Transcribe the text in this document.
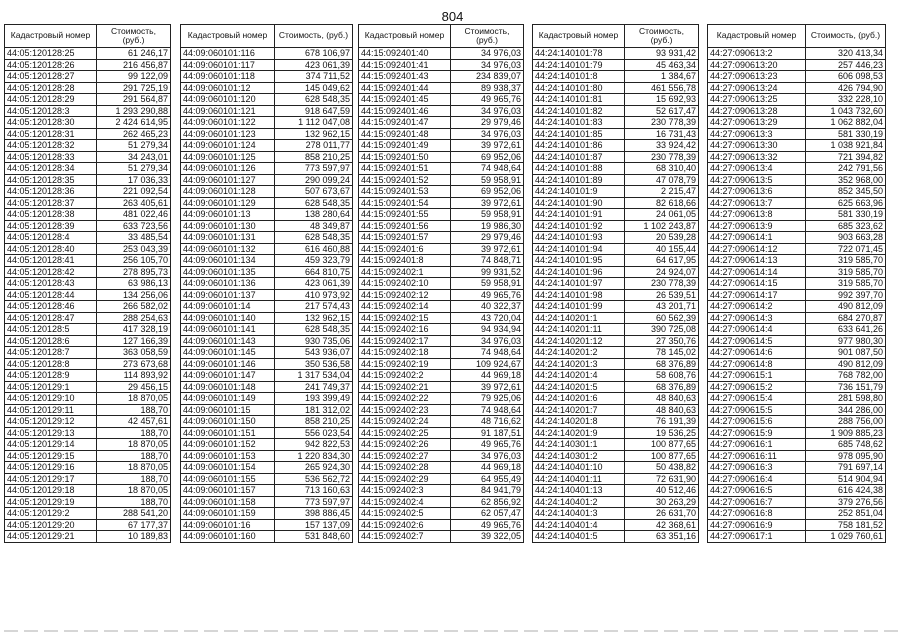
804
Кадастровый номер	Стоимость, (руб.)
44:05:120128:25	61 246,17
44:05:120128:26	216 456,87
44:05:120128:27	99 122,09
44:05:120128:28	291 725,19
44:05:120128:29	291 564,87
44:05:120128:3	1 293 290,88
44:05:120128:30	2 424 614,95
44:05:120128:31	262 465,23
44:05:120128:32	51 279,34
44:05:120128:33	34 243,01
44:05:120128:34	51 279,34
44:05:120128:35	17 036,33
44:05:120128:36	221 092,54
44:05:120128:37	263 405,61
44:05:120128:38	481 022,46
44:05:120128:39	633 723,56
44:05:120128:4	33 485,54
44:05:120128:40	253 043,39
44:05:120128:41	256 105,70
44:05:120128:42	278 895,73
44:05:120128:43	63 986,13
44:05:120128:44	134 256,06
44:05:120128:46	266 582,02
44:05:120128:47	288 254,63
44:05:120128:5	417 328,19
44:05:120128:6	127 166,39
44:05:120128:7	363 058,59
44:05:120128:8	273 673,68
44:05:120128:9	114 893,92
44:05:120129:1	29 456,15
44:05:120129:10	18 870,05
44:05:120129:11	188,70
44:05:120129:12	42 457,61
44:05:120129:13	188,70
44:05:120129:14	18 870,05
44:05:120129:15	188,70
44:05:120129:16	18 870,05
44:05:120129:17	188,70
44:05:120129:18	18 870,05
44:05:120129:19	188,70
44:05:120129:2	288 541,20
44:05:120129:20	67 177,37
44:05:120129:21	10 189,83
Кадастровый номер	Стоимость, (руб.)
44:09:060101:116	678 106,97
44:09:060101:117	423 061,39
44:09:060101:118	374 711,52
44:09:060101:12	145 049,62
44:09:060101:120	628 548,35
44:09:060101:121	918 647,59
44:09:060101:122	1 112 047,08
44:09:060101:123	132 962,15
44:09:060101:124	278 011,77
44:09:060101:125	858 210,25
44:09:060101:126	773 597,97
44:09:060101:127	290 099,24
44:09:060101:128	507 673,67
44:09:060101:129	628 548,35
44:09:060101:13	138 280,64
44:09:060101:130	48 349,87
44:09:060101:131	628 548,35
44:09:060101:132	616 460,88
44:09:060101:134	459 323,79
44:09:060101:135	664 810,75
44:09:060101:136	423 061,39
44:09:060101:137	410 973,92
44:09:060101:14	217 574,43
44:09:060101:140	132 962,15
44:09:060101:141	628 548,35
44:09:060101:143	930 735,06
44:09:060101:145	543 936,07
44:09:060101:146	350 536,58
44:09:060101:147	1 317 534,04
44:09:060101:148	241 749,37
44:09:060101:149	193 399,49
44:09:060101:15	181 312,02
44:09:060101:150	858 210,25
44:09:060101:151	556 023,54
44:09:060101:152	942 822,53
44:09:060101:153	1 220 834,30
44:09:060101:154	265 924,30
44:09:060101:155	536 562,72
44:09:060101:157	713 160,63
44:09:060101:158	773 597,97
44:09:060101:159	398 886,45
44:09:060101:16	157 137,09
44:09:060101:160	531 848,60
Кадастровый номер	Стоимость, (руб.)
44:15:092401:40	34 976,03
44:15:092401:41	34 976,03
44:15:092401:43	234 839,07
44:15:092401:44	89 938,37
44:15:092401:45	49 965,76
44:15:092401:46	34 976,03
44:15:092401:47	29 979,46
44:15:092401:48	34 976,03
44:15:092401:49	39 972,61
44:15:092401:50	69 952,06
44:15:092401:51	74 948,64
44:15:092401:52	59 958,91
44:15:092401:53	69 952,06
44:15:092401:54	39 972,61
44:15:092401:55	59 958,91
44:15:092401:56	19 986,30
44:15:092401:57	29 979,46
44:15:092401:6	39 972,61
44:15:092401:8	74 848,71
44:15:092402:1	99 931,52
44:15:092402:10	59 958,91
44:15:092402:12	49 965,76
44:15:092402:14	40 322,37
44:15:092402:15	43 720,04
44:15:092402:16	94 934,94
44:15:092402:17	34 976,03
44:15:092402:18	74 948,64
44:15:092402:19	109 924,67
44:15:092402:2	44 969,18
44:15:092402:21	39 972,61
44:15:092402:22	79 925,06
44:15:092402:23	74 948,64
44:15:092402:24	48 716,62
44:15:092402:25	91 187,51
44:15:092402:26	49 965,76
44:15:092402:27	34 976,03
44:15:092402:28	44 969,18
44:15:092402:29	64 955,49
44:15:092402:3	84 941,79
44:15:092402:4	62 856,92
44:15:092402:5	62 057,47
44:15:092402:6	49 965,76
44:15:092402:7	39 322,05
Кадастровый номер	Стоимость, (руб.)
44:24:140101:78	93 931,42
44:24:140101:79	45 463,34
44:24:140101:8	1 384,67
44:24:140101:80	461 556,78
44:24:140101:81	15 692,93
44:24:140101:82	52 617,47
44:24:140101:83	230 778,39
44:24:140101:85	16 731,43
44:24:140101:86	33 924,42
44:24:140101:87	230 778,39
44:24:140101:88	68 310,40
44:24:140101:89	47 078,79
44:24:140101:9	2 215,47
44:24:140101:90	82 618,66
44:24:140101:91	24 061,05
44:24:140101:92	1 102 243,87
44:24:140101:93	20 539,28
44:24:140101:94	40 155,44
44:24:140101:95	64 617,95
44:24:140101:96	24 924,07
44:24:140101:97	230 778,39
44:24:140101:98	26 539,51
44:24:140101:99	43 201,71
44:24:140201:1	60 562,39
44:24:140201:11	390 725,08
44:24:140201:12	27 350,76
44:24:140201:2	78 145,02
44:24:140201:3	68 376,89
44:24:140201:4	58 608,76
44:24:140201:5	68 376,89
44:24:140201:6	48 840,63
44:24:140201:7	48 840,63
44:24:140201:8	76 191,39
44:24:140201:9	19 536,25
44:24:140301:1	100 877,65
44:24:140301:2	100 877,65
44:24:140401:10	50 438,82
44:24:140401:11	72 631,90
44:24:140401:13	40 512,46
44:24:140401:2	30 263,29
44:24:140401:3	26 631,70
44:24:140401:4	42 368,61
44:24:140401:5	63 351,16
Кадастровый номер	Стоимость, (руб.)
44:27:090613:2	320 413,34
44:27:090613:20	257 446,23
44:27:090613:23	606 098,53
44:27:090613:24	426 794,90
44:27:090613:25	332 228,10
44:27:090613:28	1 043 732,60
44:27:090613:29	1 062 882,04
44:27:090613:3	581 330,19
44:27:090613:30	1 038 921,84
44:27:090613:32	721 394,82
44:27:090613:4	242 791,56
44:27:090613:5	352 968,00
44:27:090613:6	852 345,50
44:27:090613:7	625 663,96
44:27:090613:8	581 330,19
44:27:090613:9	685 323,62
44:27:090614:1	903 663,28
44:27:090614:12	722 071,45
44:27:090614:13	319 585,70
44:27:090614:14	319 585,70
44:27:090614:15	319 585,70
44:27:090614:17	992 397,70
44:27:090614:2	490 812,09
44:27:090614:3	684 270,87
44:27:090614:4	633 641,26
44:27:090614:5	977 980,30
44:27:090614:6	901 087,50
44:27:090614:8	490 812,09
44:27:090615:1	768 782,00
44:27:090615:2	736 151,79
44:27:090615:4	281 598,80
44:27:090615:5	344 286,00
44:27:090615:6	288 756,00
44:27:090615:9	1 909 885,23
44:27:090616:1	685 748,62
44:27:090616:11	978 095,90
44:27:090616:3	791 697,14
44:27:090616:4	514 904,94
44:27:090616:5	616 424,38
44:27:090616:7	379 276,56
44:27:090616:8	252 851,04
44:27:090616:9	758 181,52
44:27:090617:1	1 029 760,61
